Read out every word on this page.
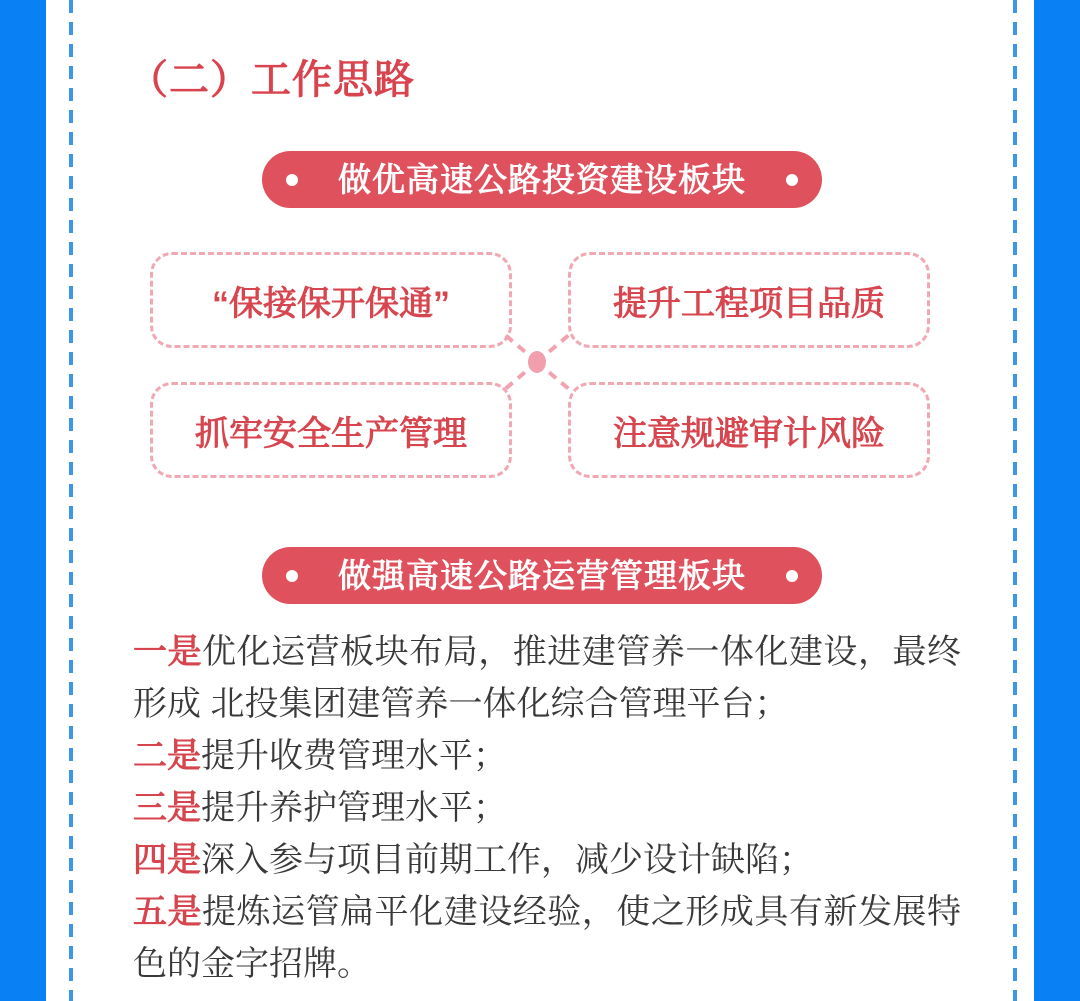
（二）工作思路
做优高速公路投资建设板块
“保接保开保通”	提升工程项目品质
抓牢安全生产管理	注意规避审计风险
做强高速公路运营管理板块

一是优化运营板块布局，推进建管养一体化建设，最终形成 北投集团建管养一体化综合管理平台；

二是提升收费管理水平；

三是提升养护管理水平；

四是深入参与项目前期工作，减少设计缺陷；

五是提炼运管扁平化建设经验，使之形成具有新发展特色的金字招牌。
